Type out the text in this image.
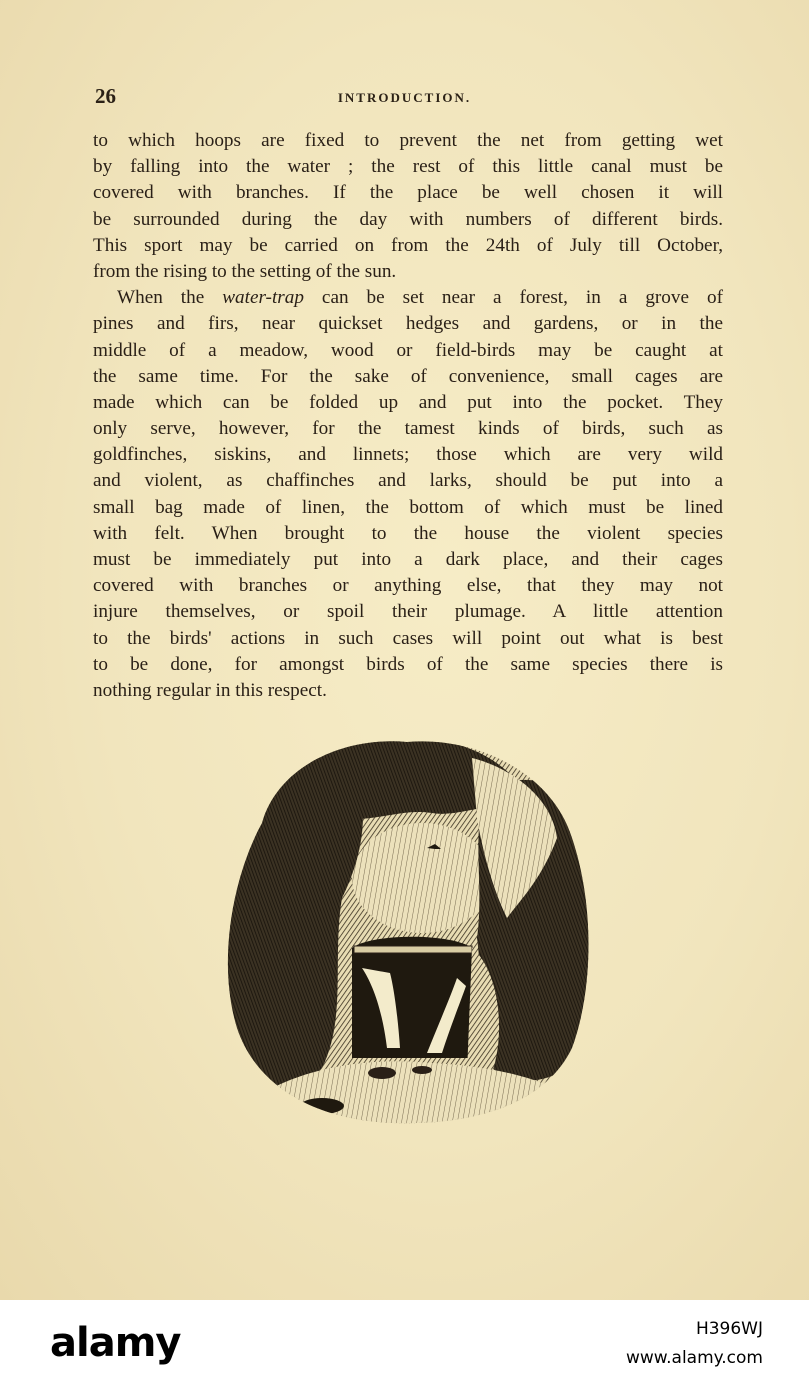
26	INTRODUCTION.
to which hoops are fixed to prevent the net from getting wet
by falling into the water ; the rest of this little canal must be
covered with branches. If the place be well chosen it will
be surrounded during the day with numbers of different birds.
This sport may be carried on from the 24th of July till October,
from the rising to the setting of the sun.
When the water-trap can be set near a forest, in a grove of
pines and firs, near quickset hedges and gardens, or in the
middle of a meadow, wood or field-birds may be caught at
the same time. For the sake of convenience, small cages are
made which can be folded up and put into the pocket. They
only serve, however, for the tamest kinds of birds, such as
goldfinches, siskins, and linnets; those which are very wild
and violent, as chaffinches and larks, should be put into a
small bag made of linen, the bottom of which must be lined
with felt. When brought to the house the violent species
must be immediately put into a dark place, and their cages
covered with branches or anything else, that they may not
injure themselves, or spoil their plumage. A little attention
to the birds' actions in such cases will point out what is best
to be done, for amongst birds of the same species there is
nothing regular in this respect.
alamy	H396WJ
www.alamy.com
